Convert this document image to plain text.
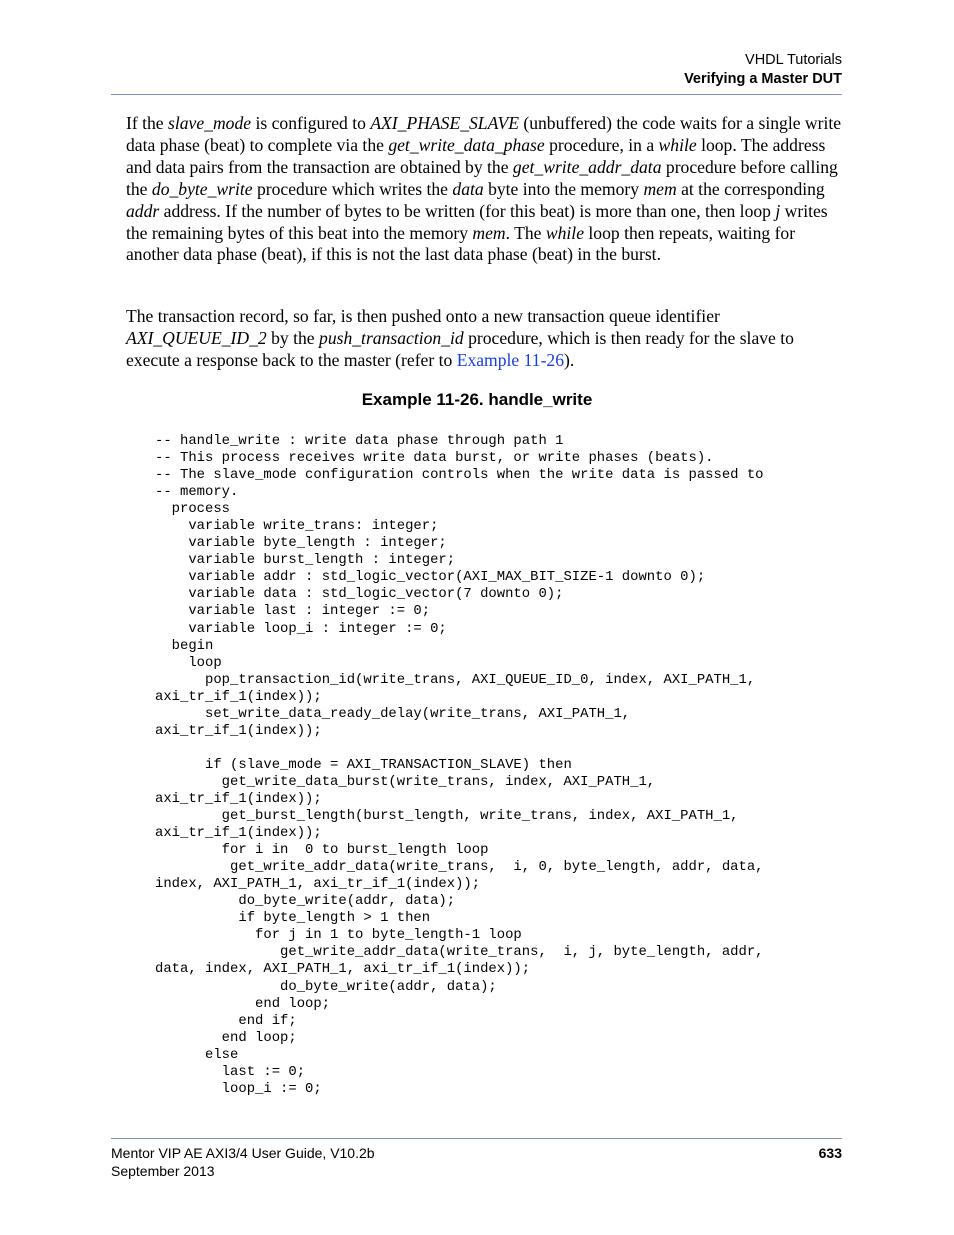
VHDL Tutorials
Verifying a Master DUT
If the slave_mode is configured to AXI_PHASE_SLAVE (unbuffered) the code waits for a single write data phase (beat) to complete via the get_write_data_phase procedure, in a while loop. The address and data pairs from the transaction are obtained by the get_write_addr_data procedure before calling the do_byte_write procedure which writes the data byte into the memory mem at the corresponding addr address. If the number of bytes to be written (for this beat) is more than one, then loop j writes the remaining bytes of this beat into the memory mem. The while loop then repeats, waiting for another data phase (beat), if this is not the last data phase (beat) in the burst.
The transaction record, so far, is then pushed onto a new transaction queue identifier AXI_QUEUE_ID_2 by the push_transaction_id procedure, which is then ready for the slave to execute a response back to the master (refer to Example 11-26).
Example 11-26. handle_write
-- handle_write : write data phase through path 1
-- This process receives write data burst, or write phases (beats).
-- The slave_mode configuration controls when the write data is passed to
-- memory.
process
variable write_trans: integer;
variable byte_length : integer;
variable burst_length : integer;
variable addr : std_logic_vector(AXI_MAX_BIT_SIZE-1 downto 0);
variable data : std_logic_vector(7 downto 0);
variable last : integer := 0;
variable loop_i : integer := 0;
begin
loop
pop_transaction_id(write_trans, AXI_QUEUE_ID_0, index, AXI_PATH_1,
axi_tr_if_1(index));
set_write_data_ready_delay(write_trans, AXI_PATH_1,
axi_tr_if_1(index));

if (slave_mode = AXI_TRANSACTION_SLAVE) then
get_write_data_burst(write_trans, index, AXI_PATH_1,
axi_tr_if_1(index));
get_burst_length(burst_length, write_trans, index, AXI_PATH_1,
axi_tr_if_1(index));
for i in  0 to burst_length loop
get_write_addr_data(write_trans,  i, 0, byte_length, addr, data,
index, AXI_PATH_1, axi_tr_if_1(index));
do_byte_write(addr, data);
if byte_length > 1 then
for j in 1 to byte_length-1 loop
get_write_addr_data(write_trans,  i, j, byte_length, addr,
data, index, AXI_PATH_1, axi_tr_if_1(index));
do_byte_write(addr, data);
end loop;
end if;
end loop;
else
last := 0;
loop_i := 0;
Mentor VIP AE AXI3/4 User Guide, V10.2b
September 2013
633
